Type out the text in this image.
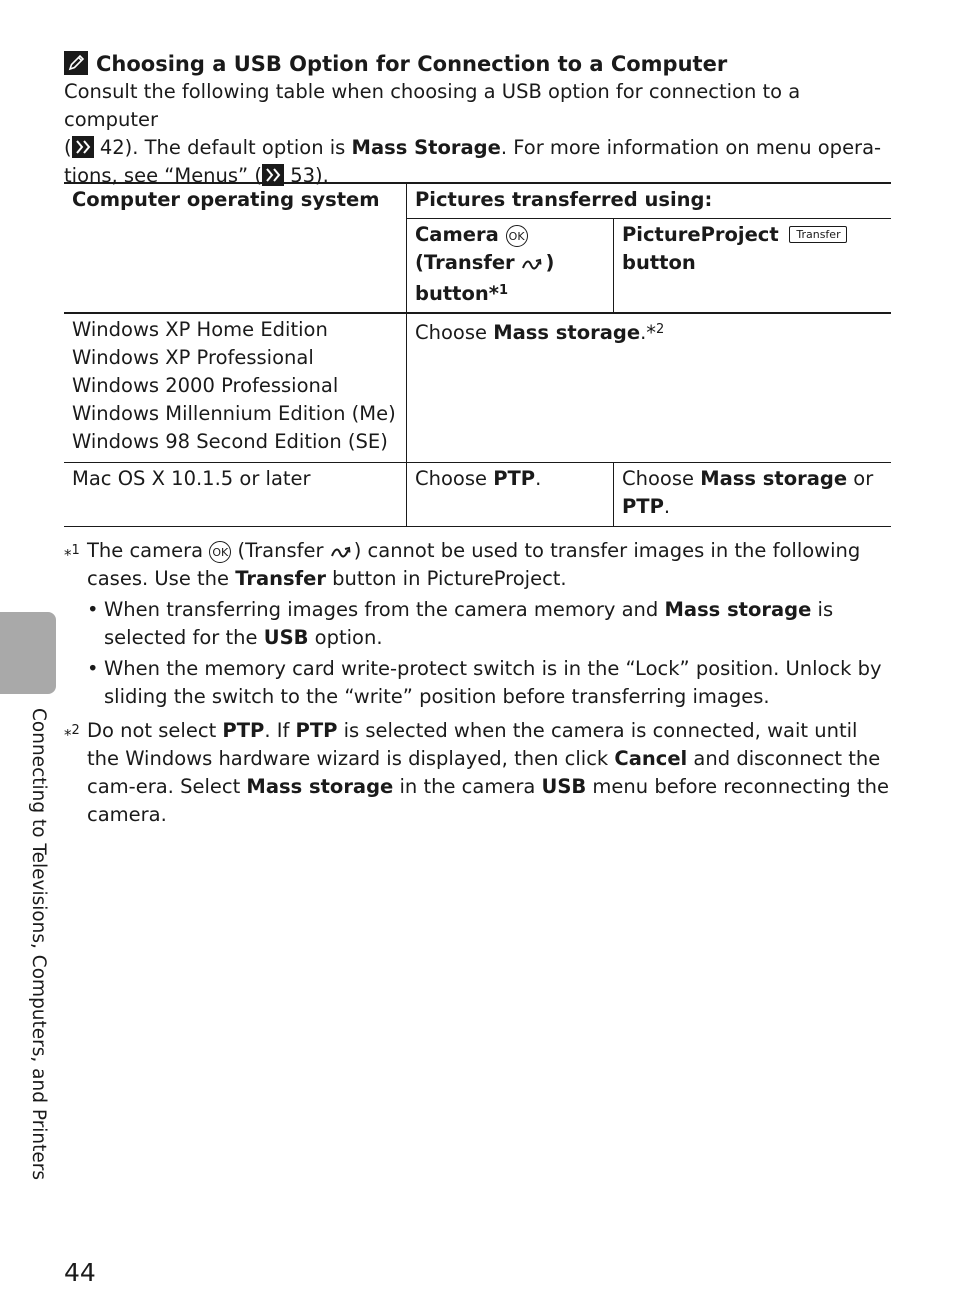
Choosing a USB Option for Connection to a Computer
Consult the following table when choosing a USB option for connection to a computer
( 42). The default option is Mass Storage. For more information on menu opera-
tions, see “Menus” ( 53).
Computer operating system	Pictures transferred using:	
	Camera OK
(Transfer )
button*$^1$	PictureProject Transfer
button

Windows XP Home Edition
Windows XP Professional
Windows 2000 Professional
Windows Millennium Edition (Me)
Windows 98 Second Edition (SE)	Choose Mass storage.*$^2$
Mac OS X 10.1.5 or later	Choose PTP.	Choose Mass storage or
PTP.
*1 The camera OK (Transfer ) cannot be used to transfer images in the following cases. Use the Transfer button in PictureProject.
• When transferring images from the camera memory and Mass storage is selected for the USB option.
• When the memory card write-protect switch is in the “Lock” position. Unlock by sliding the switch to the “write” position before transferring images.
*2 Do not select PTP. If PTP is selected when the camera is connected, wait until the Windows hardware wizard is displayed, then click Cancel and disconnect the cam-era. Select Mass storage in the camera USB menu before reconnecting the camera.
Connecting to Televisions, Computers, and Printers
44
